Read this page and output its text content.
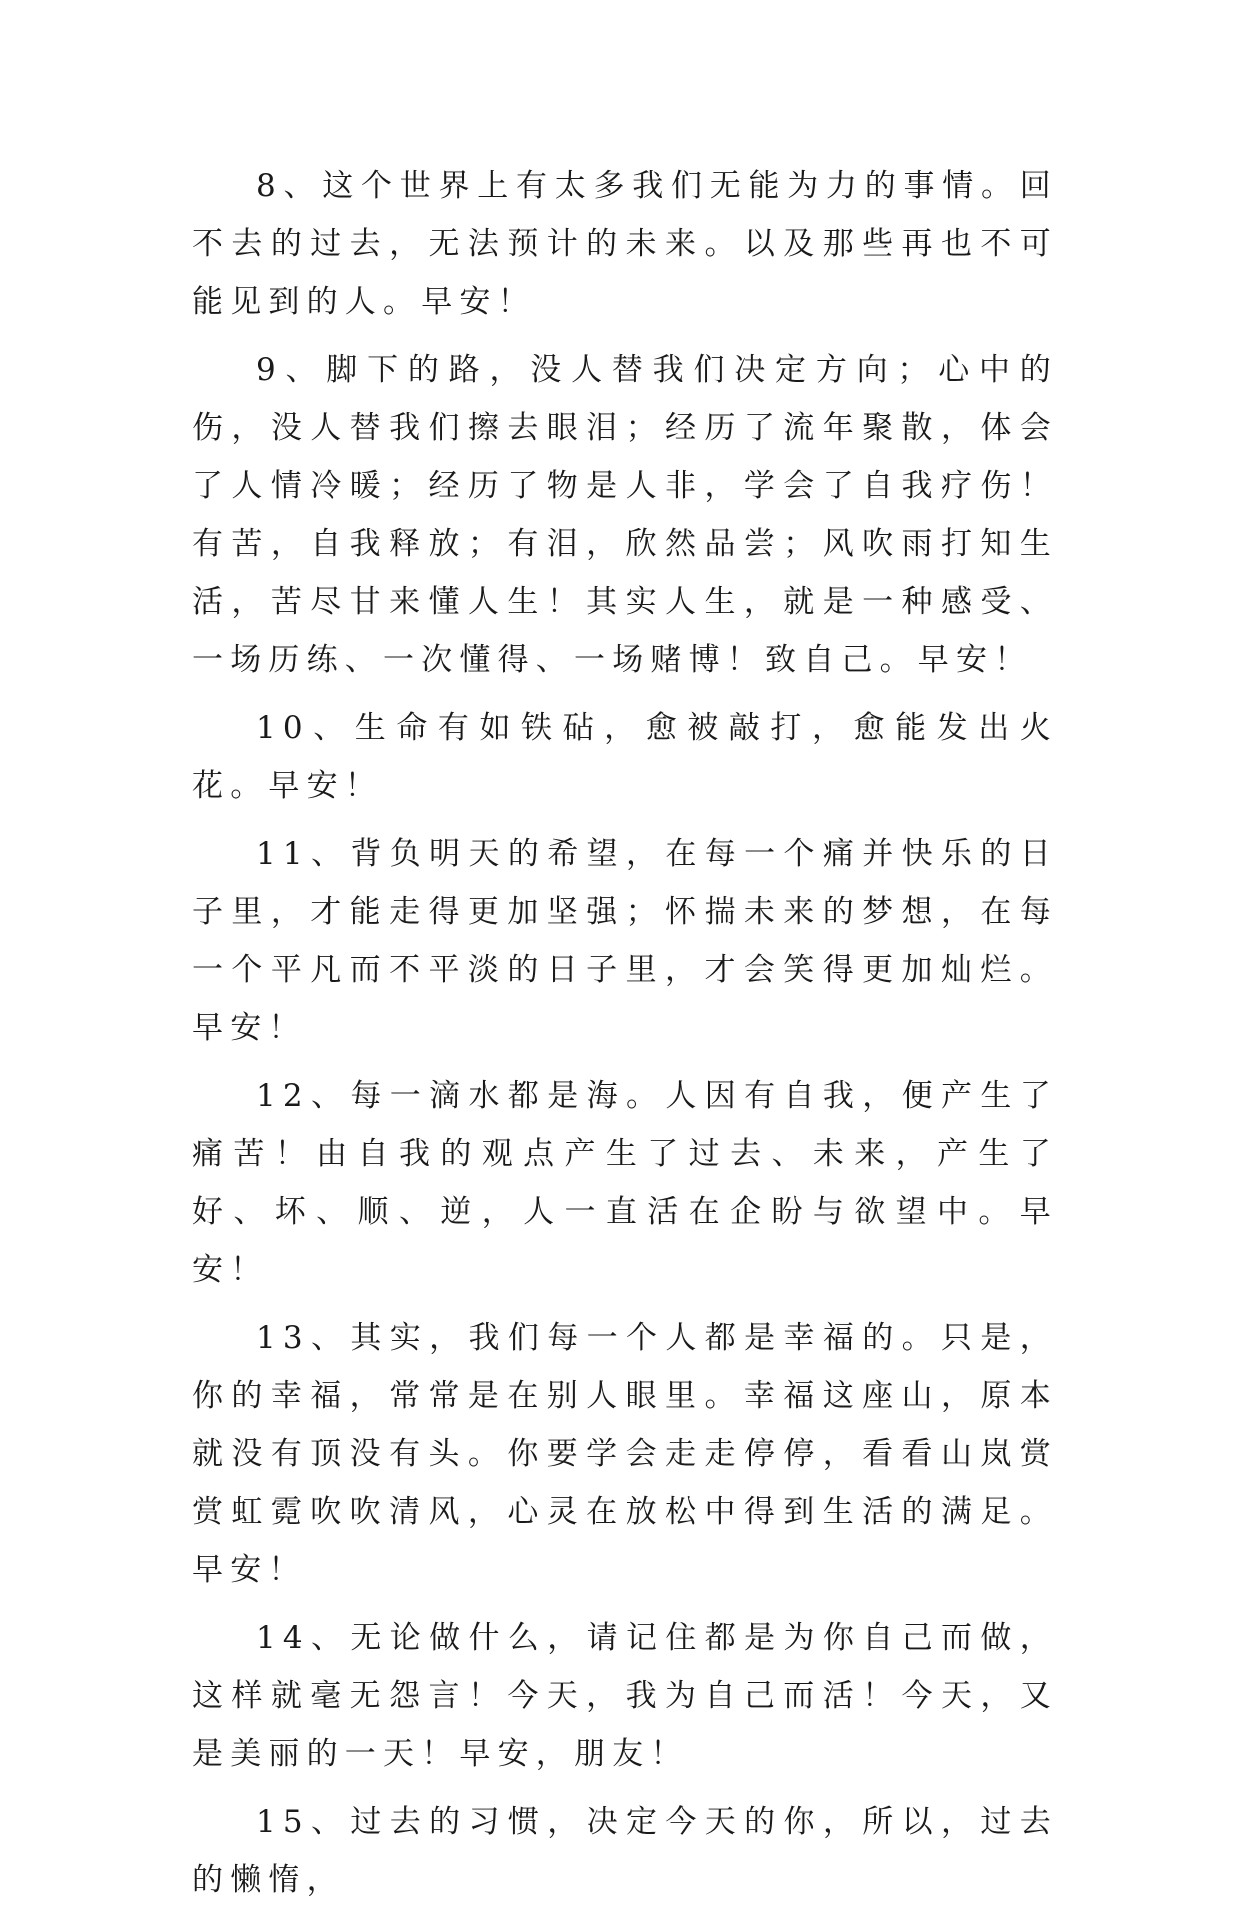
8、这个世界上有太多我们无能为力的事情。回不去的过去，无法预计的未来。以及那些再也不可能见到的人。早安！

9、脚下的路，没人替我们决定方向；心中的伤，没人替我们擦去眼泪；经历了流年聚散，体会了人情冷暖；经历了物是人非，学会了自我疗伤！有苦，自我释放；有泪，欣然品尝；风吹雨打知生活，苦尽甘来懂人生！其实人生，就是一种感受、一场历练、一次懂得、一场赌博！致自己。早安！

10、生命有如铁砧，愈被敲打，愈能发出火花。早安！

11、背负明天的希望，在每一个痛并快乐的日子里，才能走得更加坚强；怀揣未来的梦想，在每一个平凡而不平淡的日子里，才会笑得更加灿烂。早安！

12、每一滴水都是海。人因有自我，便产生了痛苦！由自我的观点产生了过去、未来，产生了好、坏、顺、逆，人一直活在企盼与欲望中。早安！

13、其实，我们每一个人都是幸福的。只是，你的幸福，常常是在别人眼里。幸福这座山，原本就没有顶没有头。你要学会走走停停，看看山岚赏赏虹霓吹吹清风，心灵在放松中得到生活的满足。早安！

14、无论做什么，请记住都是为你自己而做，这样就毫无怨言！今天，我为自己而活！今天，又是美丽的一天！早安，朋友！

15、过去的习惯，决定今天的你，所以，过去的懒惰，
